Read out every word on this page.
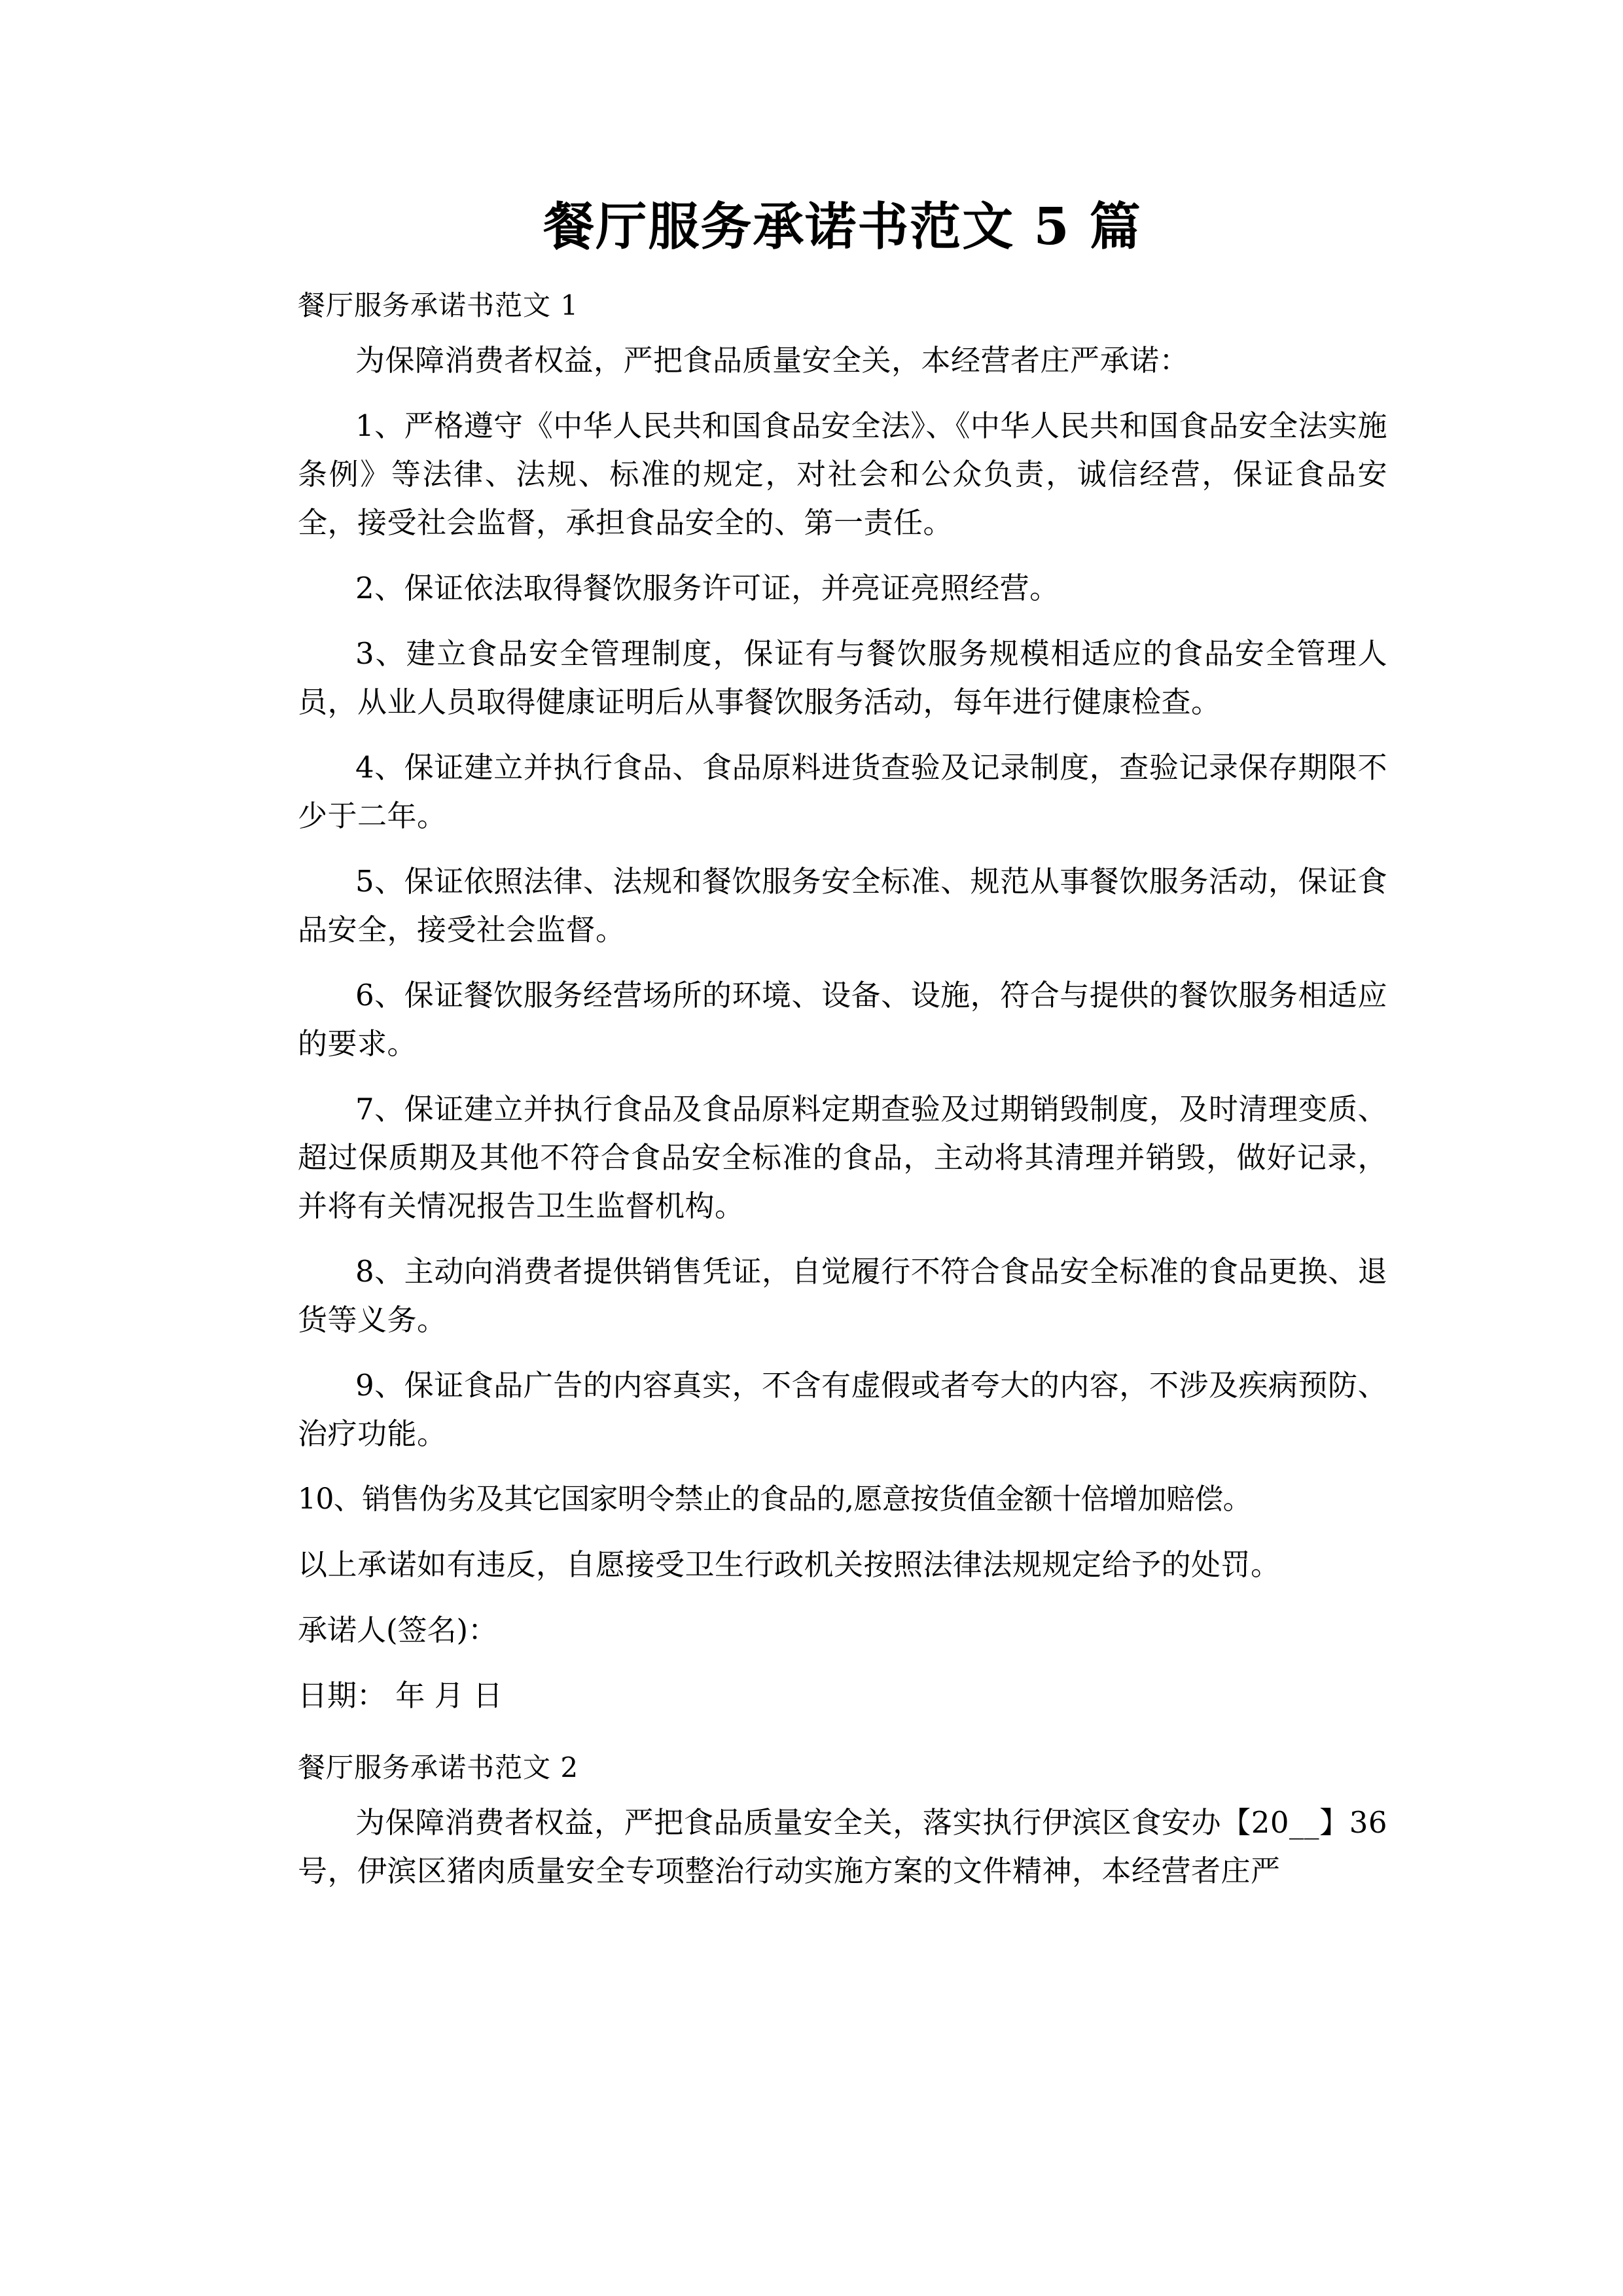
餐厅服务承诺书范文 5 篇
餐厅服务承诺书范文 1

为保障消费者权益，严把食品质量安全关，本经营者庄严承诺：

1、严格遵守《中华人民共和国食品安全法》、《中华人民共和国食品安全法实施条例》等法律、法规、标准的规定，对社会和公众负责，诚信经营，保证食品安全，接受社会监督，承担食品安全的、第一责任。

2、保证依法取得餐饮服务许可证，并亮证亮照经营。

3、建立食品安全管理制度，保证有与餐饮服务规模相适应的食品安全管理人员，从业人员取得健康证明后从事餐饮服务活动，每年进行健康检查。

4、保证建立并执行食品、食品原料进货查验及记录制度，查验记录保存期限不少于二年。

5、保证依照法律、法规和餐饮服务安全标准、规范从事餐饮服务活动，保证食品安全，接受社会监督。

6、保证餐饮服务经营场所的环境、设备、设施，符合与提供的餐饮服务相适应的要求。

7、保证建立并执行食品及食品原料定期查验及过期销毁制度，及时清理变质、超过保质期及其他不符合食品安全标准的食品，主动将其清理并销毁，做好记录，并将有关情况报告卫生监督机构。

8、主动向消费者提供销售凭证，自觉履行不符合食品安全标准的食品更换、退货等义务。

9、保证食品广告的内容真实，不含有虚假或者夸大的内容，不涉及疾病预防、治疗功能。

10、销售伪劣及其它国家明令禁止的食品的,愿意按货值金额十倍增加赔偿。

以上承诺如有违反，自愿接受卫生行政机关按照法律法规规定给予的处罚。

承诺人(签名)：

日期： 年 月 日

餐厅服务承诺书范文 2

为保障消费者权益，严把食品质量安全关，落实执行伊滨区食安办【20__】36 号，伊滨区猪肉质量安全专项整治行动实施方案的文件精神，本经营者庄严
